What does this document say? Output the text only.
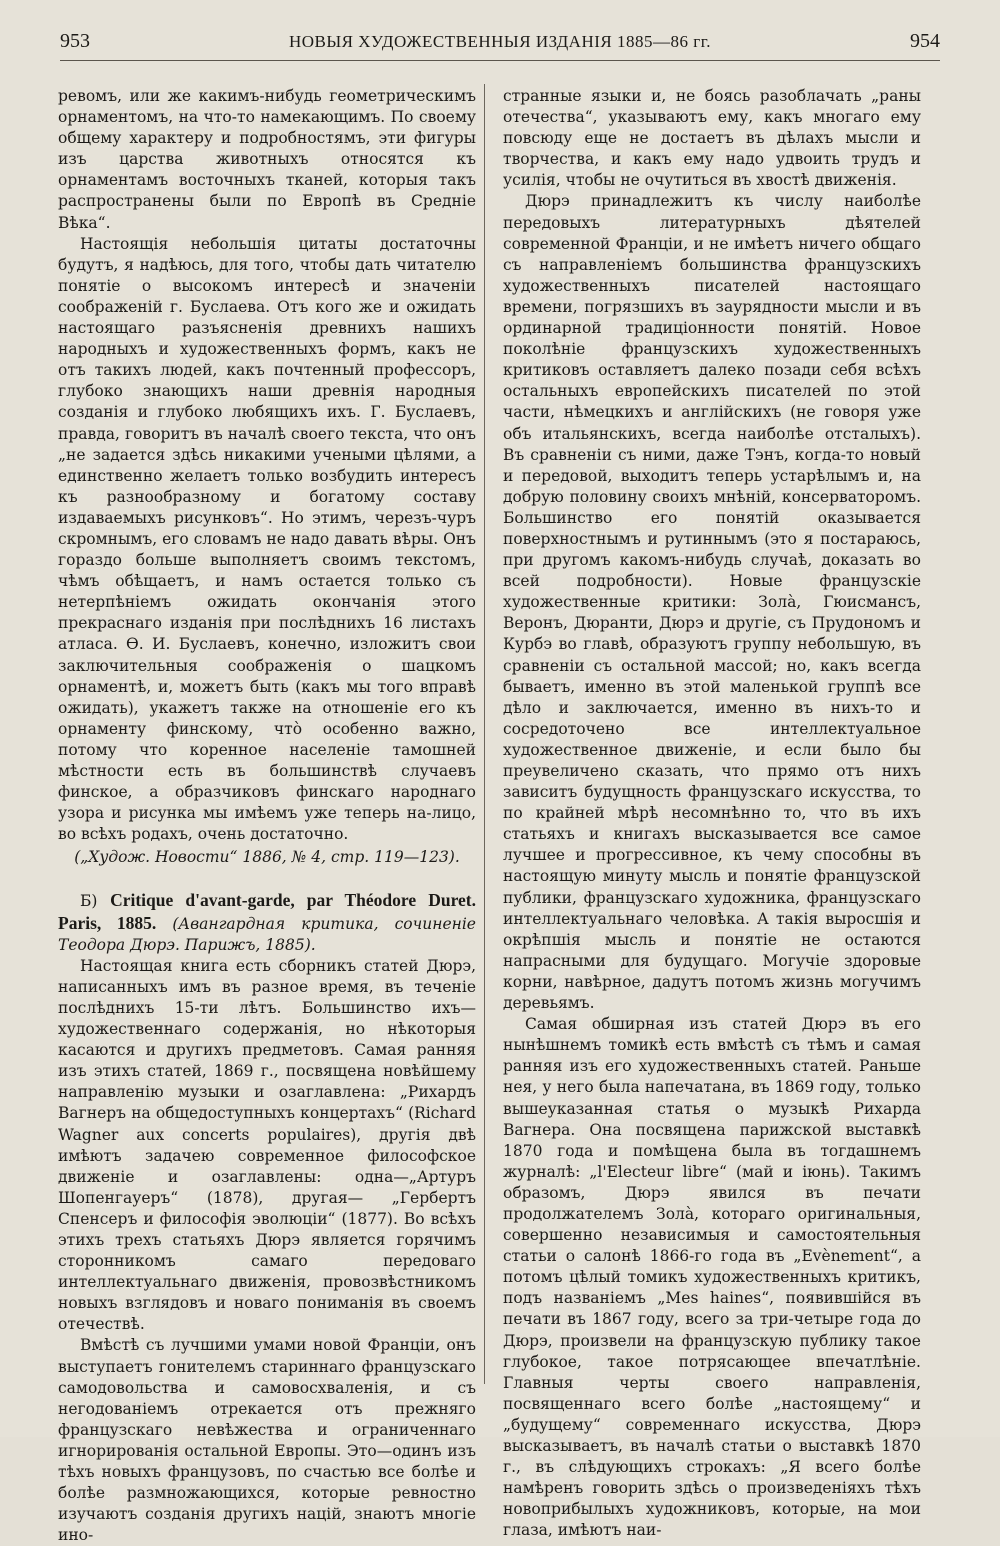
953	НОВЫЯ ХУДОЖЕСТВЕННЫЯ ИЗДАНІЯ 1885—86 гг.	954

ревомъ, или же какимъ-нибудь геометрическимъ орнаментомъ, на что-то намекающимъ. По своему общему характеру и подробностямъ, эти фигуры изъ царства животныхъ относятся къ орнаментамъ восточныхъ тканей, которыя такъ распространены были по Европѣ въ Средніе Вѣка“.

Настоящія небольшія цитаты достаточны будутъ, я надѣюсь, для того, чтобы дать читателю понятіе о высокомъ интересѣ и значеніи соображеній г. Буслаева. Отъ кого же и ожидать настоящаго разъясненія древнихъ нашихъ народныхъ и художественныхъ формъ, какъ не отъ такихъ людей, какъ почтенный профессоръ, глубоко знающихъ наши древнія народныя созданія и глубоко любящихъ ихъ. Г. Буслаевъ, правда, говоритъ въ началѣ своего текста, что онъ „не задается здѣсь никакими учеными цѣлями, а единственно желаетъ только возбудить интересъ къ разнообразному и богатому составу издаваемыхъ рисунковъ“. Но этимъ, черезъ-чуръ скромнымъ, его словамъ не надо давать вѣры. Онъ гораздо больше выполняетъ своимъ текстомъ, чѣмъ обѣщаетъ, и намъ остается только съ нетерпѣніемъ ожидать окончанія этого прекраснаго изданія при послѣднихъ 16 листахъ атласа. Ѳ. И. Буслаевъ, конечно, изложитъ свои заключительныя соображенія о шацкомъ орнаментѣ, и, можетъ быть (какъ мы того вправѣ ожидать), укажетъ также на отношеніе его къ орнаменту финскому, что̀ особенно важно, потому что коренное населеніе тамошней мѣстности есть въ большинствѣ случаевъ финское, а образчиковъ финскаго народнаго узора и рисунка мы имѣемъ уже теперь на-лицо, во всѣхъ родахъ, очень достаточно.

(„Худож. Новости“ 1886, № 4, стр. 119—123).

Б) Critique d'avant-garde, par Théodore Duret. Paris, 1885. (Авангардная критика, сочиненіе Теодора Дюрэ. Парижъ, 1885).

Настоящая книга есть сборникъ статей Дюрэ, написанныхъ имъ въ разное время, въ теченіе послѣднихъ 15-ти лѣтъ. Большинство ихъ—художественнаго содержанія, но нѣкоторыя касаются и другихъ предметовъ. Самая ранняя изъ этихъ статей, 1869 г., посвящена новѣйшему направленію музыки и озаглавлена: „Рихардъ Вагнеръ на общедоступныхъ концертахъ“ (Richard Wagner aux concerts populaires), другія двѣ имѣютъ задачею современное философское движеніе и озаглавлены: одна—„Артуръ Шопенгауеръ“ (1878), другая— „Гербертъ Спенсеръ и философія эволюціи“ (1877). Во всѣхъ этихъ трехъ статьяхъ Дюрэ является горячимъ сторонникомъ самаго передоваго интеллектуальнаго движенія, провозвѣстникомъ новыхъ взглядовъ и новаго пониманія въ своемъ отечествѣ.

Вмѣстѣ съ лучшими умами новой Франціи, онъ выступаетъ гонителемъ стариннаго французскаго самодовольства и самовосхваленія, и съ негодованіемъ отрекается отъ прежняго французскаго невѣжества и ограниченнаго игнорированія остальной Европы. Это—одинъ изъ тѣхъ новыхъ французовъ, по счастью все болѣе и болѣе размножающихся, которые ревностно изучаютъ созданія другихъ націй, знаютъ многіе ино-

странные языки и, не боясь разоблачать „раны отечества“, указываютъ ему, какъ многаго ему повсюду еще не достаетъ въ дѣлахъ мысли и творчества, и какъ ему надо удвоить трудъ и усилія, чтобы не очутиться въ хвостѣ движенія.

Дюрэ принадлежитъ къ числу наиболѣе передовыхъ литературныхъ дѣятелей современной Франціи, и не имѣетъ ничего общаго съ направленіемъ большинства французскихъ художественныхъ писателей настоящаго времени, погрязшихъ въ заурядности мысли и въ ординарной традиціонности понятій. Новое поколѣніе французскихъ художественныхъ критиковъ оставляетъ далеко позади себя всѣхъ остальныхъ европейскихъ писателей по этой части, нѣмецкихъ и англійскихъ (не говоря уже объ итальянскихъ, всегда наиболѣе отсталыхъ). Въ сравненіи съ ними, даже Тэнъ, когда-то новый и передовой, выходитъ теперь устарѣлымъ и, на добрую половину своихъ мнѣній, консерваторомъ. Большинство его понятій оказывается поверхностнымъ и рутиннымъ (это я постараюсь, при другомъ какомъ-нибудь случаѣ, доказать во всей подробности). Новые французскіе художественные критики: Зола̀, Гюисмансъ, Веронъ, Дюранти, Дюрэ и другіе, съ Прудономъ и Курбэ во главѣ, образуютъ группу небольшую, въ сравненіи съ остальной массой; но, какъ всегда бываетъ, именно въ этой маленькой группѣ все дѣло и заключается, именно въ нихъ-то и сосредоточено все интеллектуальное художественное движеніе, и если было бы преувеличено сказать, что прямо отъ нихъ зависитъ будущность французскаго искусства, то по крайней мѣрѣ несомнѣнно то, что въ ихъ статьяхъ и книгахъ высказывается все самое лучшее и прогрессивное, къ чему способны въ настоящую минуту мысль и понятіе французской публики, французскаго художника, французскаго интеллектуальнаго человѣка. А такія выросшія и окрѣпшія мысль и понятіе не остаются напрасными для будущаго. Могучіе здоровые корни, навѣрное, дадутъ потомъ жизнь могучимъ деревьямъ.

Самая обширная изъ статей Дюрэ въ его нынѣшнемъ томикѣ есть вмѣстѣ съ тѣмъ и самая ранняя изъ его художественныхъ статей. Раньше нея, у него была напечатана, въ 1869 году, только вышеуказанная статья о музыкѣ Рихарда Вагнера. Она посвящена парижской выставкѣ 1870 года и помѣщена была въ тогдашнемъ журналѣ: „l'Electeur libre“ (май и іюнь). Такимъ образомъ, Дюрэ явился въ печати продолжателемъ Зола̀, котораго оригинальныя, совершенно независимыя и самостоятельныя статьи о салонѣ 1866-го года въ „Evènement“, а потомъ цѣлый томикъ художественныхъ критикъ, подъ названіемъ „Mes haines“, появившійся въ печати въ 1867 году, всего за три-четыре года до Дюрэ, произвели на французскую публику такое глубокое, такое потрясающее впечатлѣніе. Главныя черты своего направленія, посвященнаго всего болѣе „настоящему“ и „будущему“ современнаго искусства, Дюрэ высказываетъ, въ началѣ статьи о выставкѣ 1870 г., въ слѣдующихъ строкахъ: „Я всего болѣе намѣренъ говорить здѣсь о произведеніяхъ тѣхъ новоприбылыхъ художниковъ, которые, на мои глаза, имѣютъ наи-
